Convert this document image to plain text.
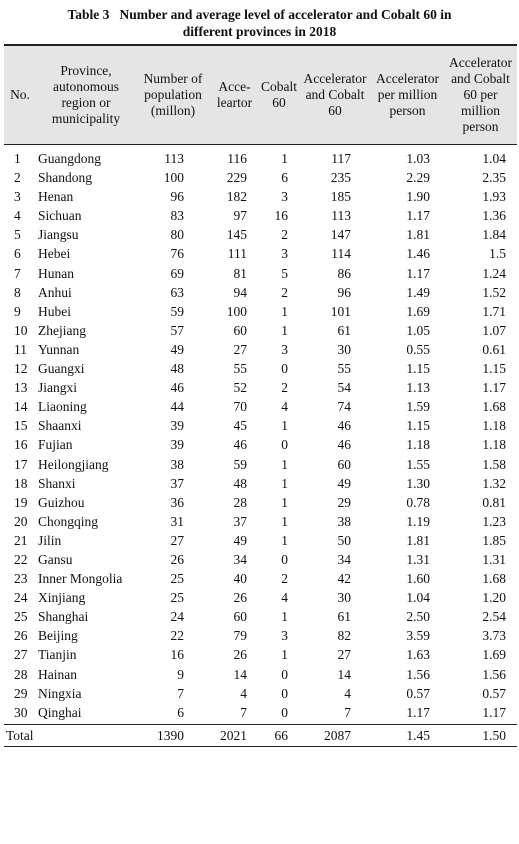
Table 3   Number and average level of accelerator and Cobalt 60 in
different provinces in 2018
No.	Province, autonomous region or municipality	Number of population (millon)	Acce-leartor	Cobalt 60	Accelerator and Cobalt 60	Accelerator per million person	Accelerator and Cobalt 60 per million person
1	Guangdong	113	116	1	117	1.03	1.04
2	Shandong	100	229	6	235	2.29	2.35
3	Henan	96	182	3	185	1.90	1.93
4	Sichuan	83	97	16	113	1.17	1.36
5	Jiangsu	80	145	2	147	1.81	1.84
6	Hebei	76	111	3	114	1.46	1.5
7	Hunan	69	81	5	86	1.17	1.24
8	Anhui	63	94	2	96	1.49	1.52
9	Hubei	59	100	1	101	1.69	1.71
10	Zhejiang	57	60	1	61	1.05	1.07
11	Yunnan	49	27	3	30	0.55	0.61
12	Guangxi	48	55	0	55	1.15	1.15
13	Jiangxi	46	52	2	54	1.13	1.17
14	Liaoning	44	70	4	74	1.59	1.68
15	Shaanxi	39	45	1	46	1.15	1.18
16	Fujian	39	46	0	46	1.18	1.18
17	Heilongjiang	38	59	1	60	1.55	1.58
18	Shanxi	37	48	1	49	1.30	1.32
19	Guizhou	36	28	1	29	0.78	0.81
20	Chongqing	31	37	1	38	1.19	1.23
21	Jilin	27	49	1	50	1.81	1.85
22	Gansu	26	34	0	34	1.31	1.31
23	Inner Mongolia	25	40	2	42	1.60	1.68
24	Xinjiang	25	26	4	30	1.04	1.20
25	Shanghai	24	60	1	61	2.50	2.54
26	Beijing	22	79	3	82	3.59	3.73
27	Tianjin	16	26	1	27	1.63	1.69
28	Hainan	9	14	0	14	1.56	1.56
29	Ningxia	7	4	0	4	0.57	0.57
30	Qinghai	6	7	0	7	1.17	1.17
Total		1390	2021	66	2087	1.45	1.50
